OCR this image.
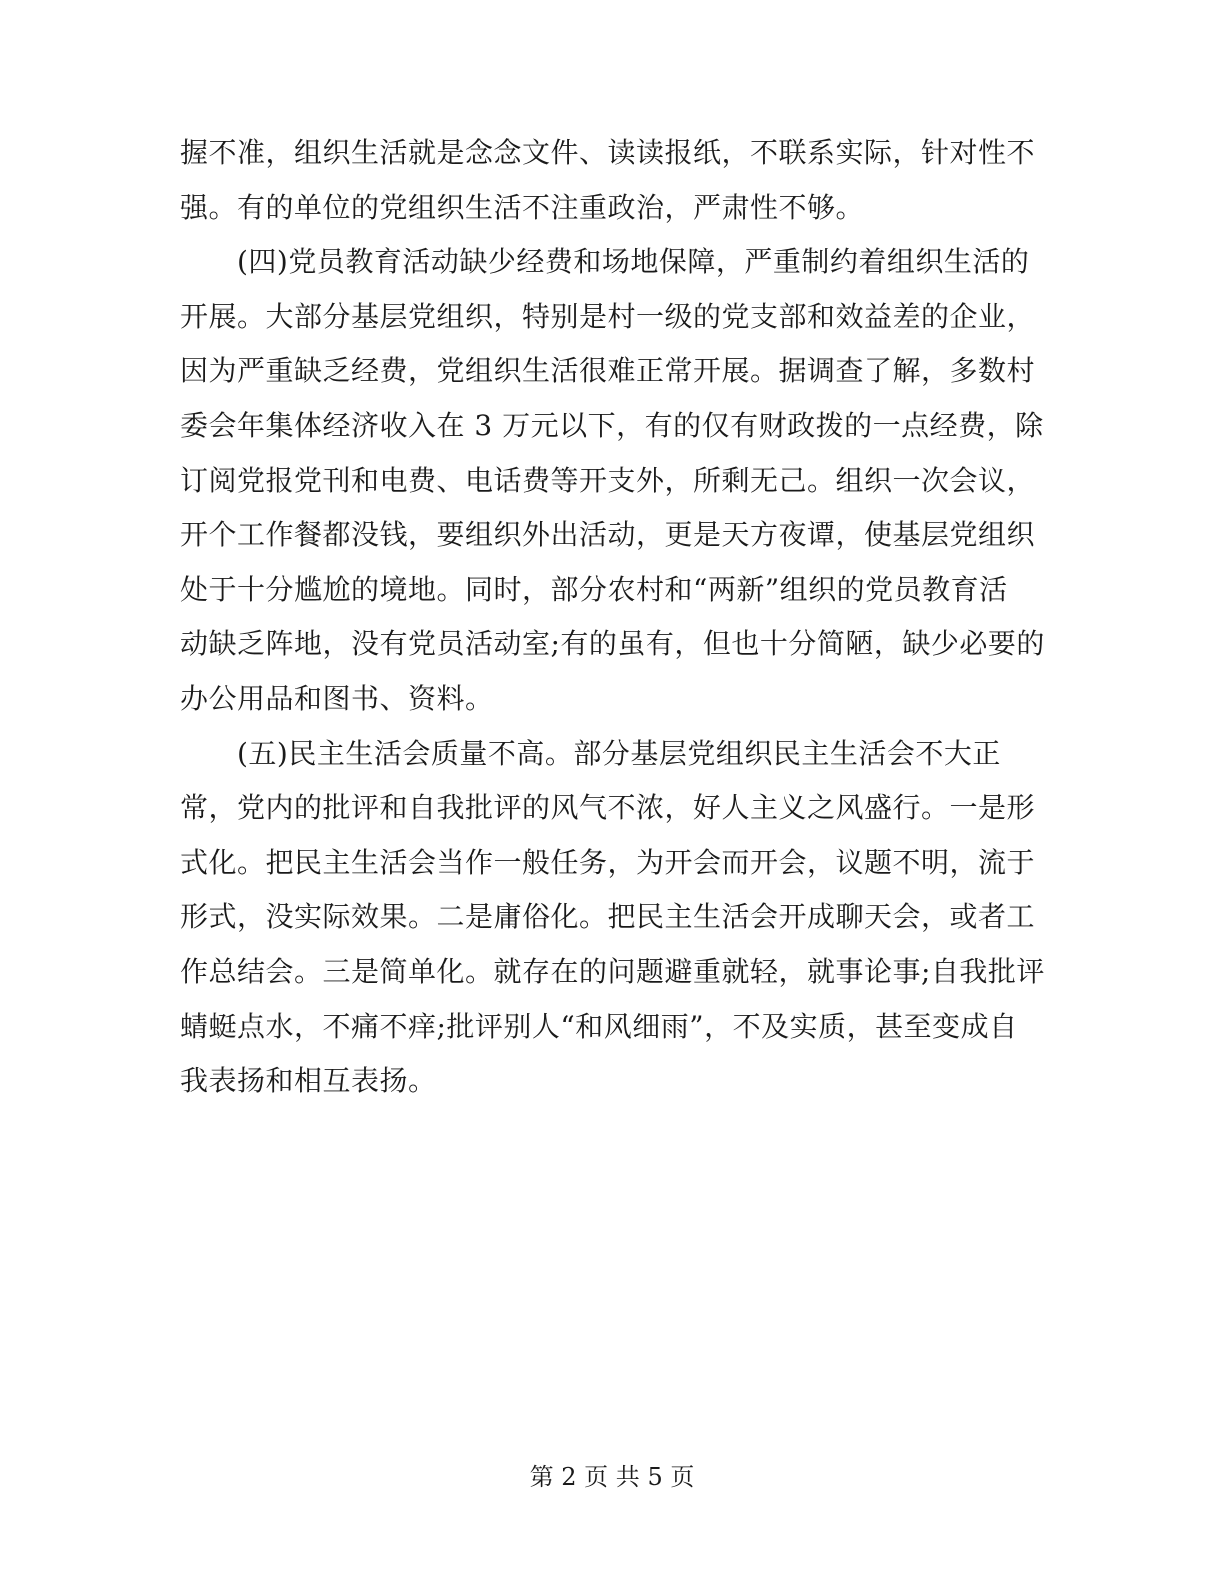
握不准，组织生活就是念念文件、读读报纸，不联系实际，针对性不
强。有的单位的党组织生活不注重政治，严肃性不够。
　　(四)党员教育活动缺少经费和场地保障，严重制约着组织生活的
开展。大部分基层党组织，特别是村一级的党支部和效益差的企业，
因为严重缺乏经费，党组织生活很难正常开展。据调查了解，多数村
委会年集体经济收入在 3 万元以下，有的仅有财政拨的一点经费，除
订阅党报党刊和电费、电话费等开支外，所剩无己。组织一次会议，
开个工作餐都没钱，要组织外出活动，更是天方夜谭，使基层党组织
处于十分尴尬的境地。同时，部分农村和“两新”组织的党员教育活
动缺乏阵地，没有党员活动室;有的虽有，但也十分简陋，缺少必要的
办公用品和图书、资料。
　　(五)民主生活会质量不高。部分基层党组织民主生活会不大正
常，党内的批评和自我批评的风气不浓，好人主义之风盛行。一是形
式化。把民主生活会当作一般任务，为开会而开会，议题不明，流于
形式，没实际效果。二是庸俗化。把民主生活会开成聊天会，或者工
作总结会。三是简单化。就存在的问题避重就轻，就事论事;自我批评
蜻蜓点水，不痛不痒;批评别人“和风细雨”，不及实质，甚至变成自
我表扬和相互表扬。
第 2 页 共 5 页
